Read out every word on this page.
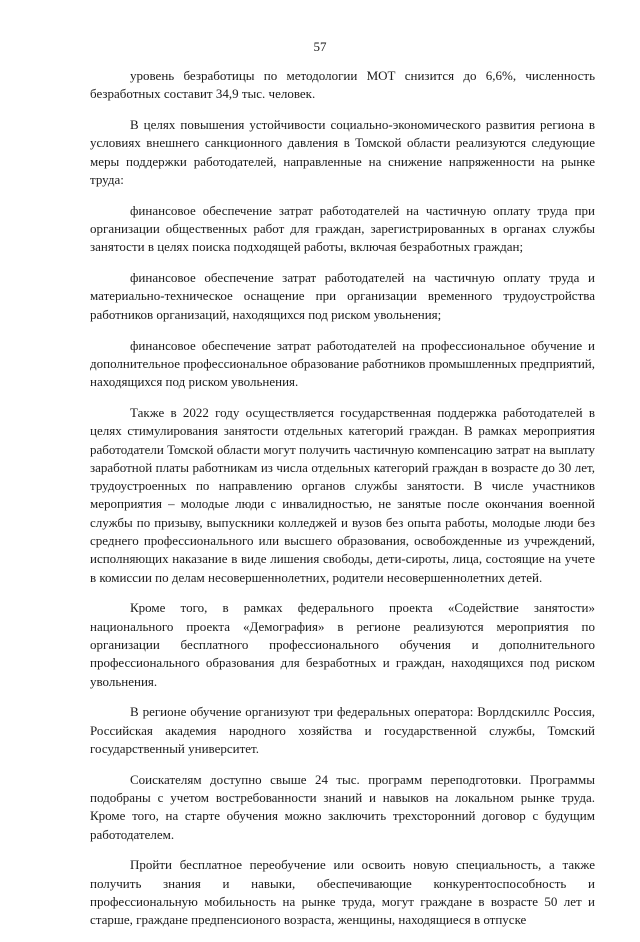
57

уровень безработицы по методологии МОТ снизится до 6,6%, численность безработных составит 34,9 тыс. человек.

В целях повышения устойчивости социально-экономического развития региона в условиях внешнего санкционного давления в Томской области реализуются следующие меры поддержки работодателей, направленные на снижение напряженности на рынке труда:

финансовое обеспечение затрат работодателей на частичную оплату труда при организации общественных работ для граждан, зарегистрированных в органах службы занятости в целях поиска подходящей работы, включая безработных граждан;

финансовое обеспечение затрат работодателей на частичную оплату труда и материально-техническое оснащение при организации временного трудоустройства работников организаций, находящихся под риском увольнения;

финансовое обеспечение затрат работодателей на профессиональное обучение и дополнительное профессиональное образование работников промышленных предприятий, находящихся под риском увольнения.

Также в 2022 году осуществляется государственная поддержка работодателей в целях стимулирования занятости отдельных категорий граждан. В рамках мероприятия работодатели Томской области могут получить частичную компенсацию затрат на выплату заработной платы работникам из числа отдельных категорий граждан в возрасте до 30 лет, трудоустроенных по направлению органов службы занятости. В числе участников мероприятия – молодые люди с инвалидностью, не занятые после окончания военной службы по призыву, выпускники колледжей и вузов без опыта работы, молодые люди без среднего профессионального или высшего образования, освобожденные из учреждений, исполняющих наказание в виде лишения свободы, дети-сироты, лица, состоящие на учете в комиссии по делам несовершеннолетних, родители несовершеннолетних детей.

Кроме того, в рамках федерального проекта «Содействие занятости» национального проекта «Демография» в регионе реализуются мероприятия по организации бесплатного профессионального обучения и дополнительного профессионального образования для безработных и граждан, находящихся под риском увольнения.

В регионе обучение организуют три федеральных оператора: Ворлдскиллс Россия, Российская академия народного хозяйства и государственной службы, Томский государственный университет.

Соискателям доступно свыше 24 тыс. программ переподготовки. Программы подобраны с учетом востребованности знаний и навыков на локальном рынке труда. Кроме того, на старте обучения можно заключить трехсторонний договор с будущим работодателем.

Пройти бесплатное переобучение или освоить новую специальность, а также получить знания и навыки, обеспечивающие конкурентоспособность и профессиональную мобильность на рынке труда, могут граждане в возрасте 50 лет и старше, граждане предпенсионого возраста, женщины, находящиеся в отпуске
